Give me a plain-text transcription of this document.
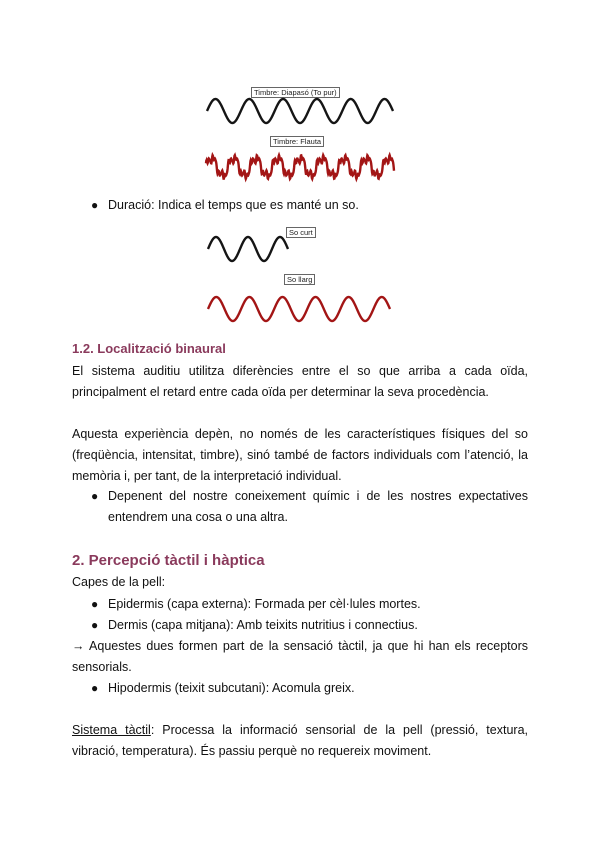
Timbre: Diapasó (To pur)
Timbre: Flauta
● Duració: Indica el temps que es manté un so.
So curt
So llarg
1.2. Localització binaural
El sistema auditiu utilitza diferències entre el so que arriba a cada oïda, principalment el retard entre cada oïda per determinar la seva procedència.
Aquesta experiència depèn, no només de les característiques físiques del so (freqüència, intensitat, timbre), sinó també de factors individuals com l’atenció, la memòria i, per tant, de la interpretació individual.
● Depenent del nostre coneixement químic i de les nostres expectatives entendrem una cosa o una altra.
2. Percepció tàctil i hàptica
Capes de la pell:
● Epidermis (capa externa): Formada per cèl·lules mortes.
● Dermis (capa mitjana): Amb teixits nutritius i connectius.
→ Aquestes dues formen part de la sensació tàctil, ja que hi han els receptors sensorials.
● Hipodermis (teixit subcutani): Acomula greix.
Sistema tàctil: Processa la informació sensorial de la pell (pressió, textura, vibració, temperatura). És passiu perquè no requereix moviment.
